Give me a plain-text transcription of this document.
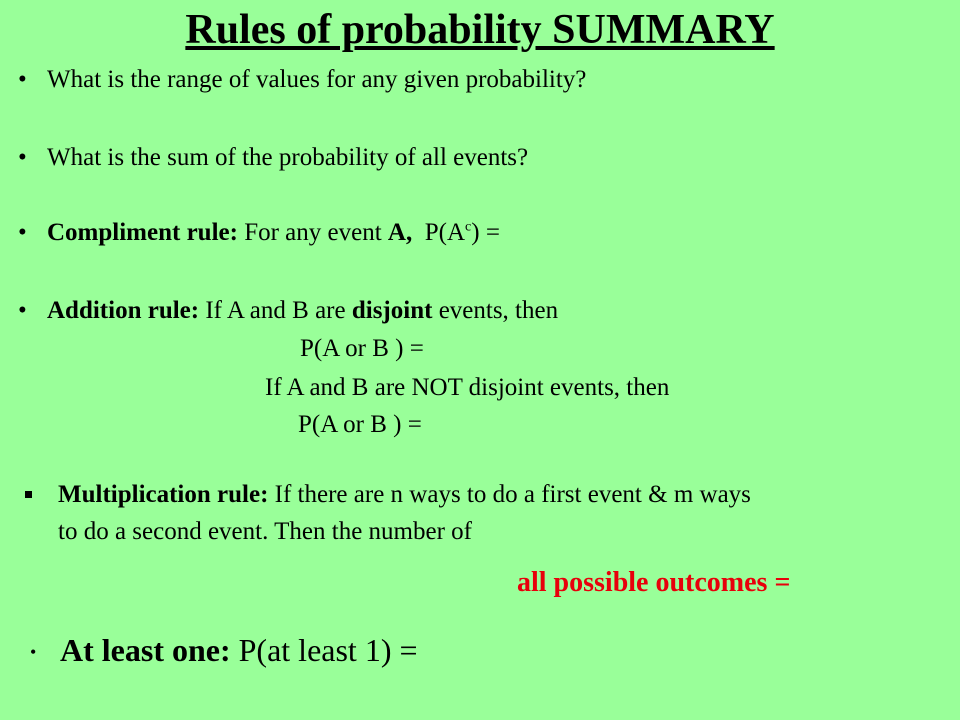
Rules of probability SUMMARY
• What is the range of values for any given probability?
• What is the sum of the probability of all events?
• Compliment rule: For any event A, $P(A^c)$ =
• Addition rule: If A and B are disjoint events, then
P(A or B ) =
If A and B are NOT disjoint events, then
P(A or B ) =
Multiplication rule: If there are n ways to do a first event & m ways
to do a second event. Then the number of
all possible outcomes =
• At least one: P(at least 1) =
